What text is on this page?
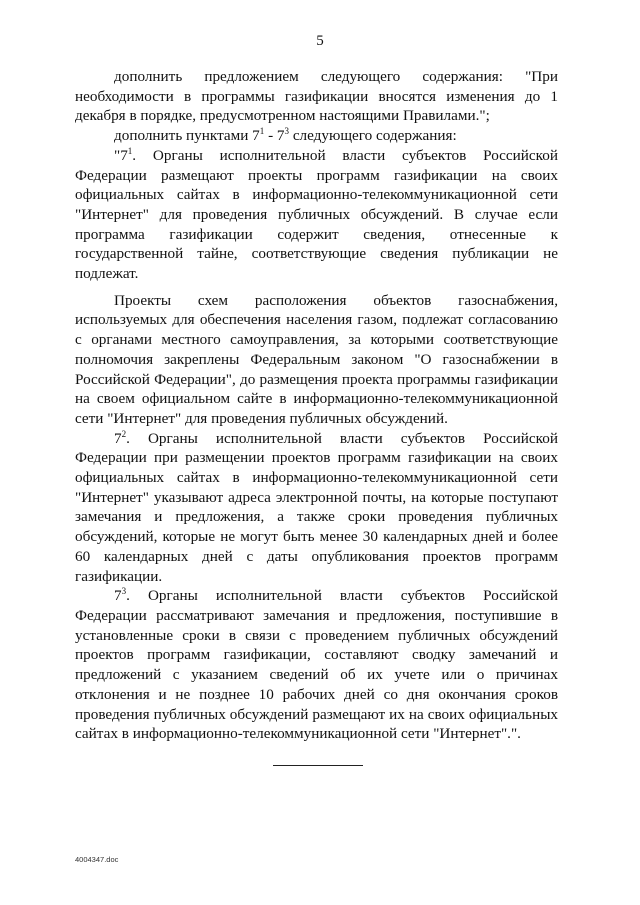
5

дополнить предложением следующего содержания: "При необходимости в программы газификации вносятся изменения до 1 декабря в порядке, предусмотренном настоящими Правилами.";

дополнить пунктами $7^1 - 7^3$ следующего содержания:

"$7^1$. Органы исполнительной власти субъектов Российской Федерации размещают проекты программ газификации на своих официальных сайтах в информационно-телекоммуникационной сети "Интернет" для проведения публичных обсуждений. В случае если программа газификации содержит сведения, отнесенные к государственной тайне, соответствующие сведения публикации не подлежат.

Проекты схем расположения объектов газоснабжения, используемых для обеспечения населения газом, подлежат согласованию с органами местного самоуправления, за которыми соответствующие полномочия закреплены Федеральным законом "О газоснабжении в Российской Федерации", до размещения проекта программы газификации на своем официальном сайте в информационно-телекоммуникационной сети "Интернет" для проведения публичных обсуждений.

$7^2$. Органы исполнительной власти субъектов Российской Федерации при размещении проектов программ газификации на своих официальных сайтах в информационно-телекоммуникационной сети "Интернет" указывают адреса электронной почты, на которые поступают замечания и предложения, а также сроки проведения публичных обсуждений, которые не могут быть менее 30 календарных дней и более 60 календарных дней с даты опубликования проектов программ газификации.

$7^3$. Органы исполнительной власти субъектов Российской Федерации рассматривают замечания и предложения, поступившие в установленные сроки в связи с проведением публичных обсуждений проектов программ газификации, составляют сводку замечаний и предложений с указанием сведений об их учете или о причинах отклонения и не позднее 10 рабочих дней со дня окончания сроков проведения публичных обсуждений размещают их на своих официальных сайтах в информационно-телекоммуникационной сети "Интернет".".

4004347.doc
